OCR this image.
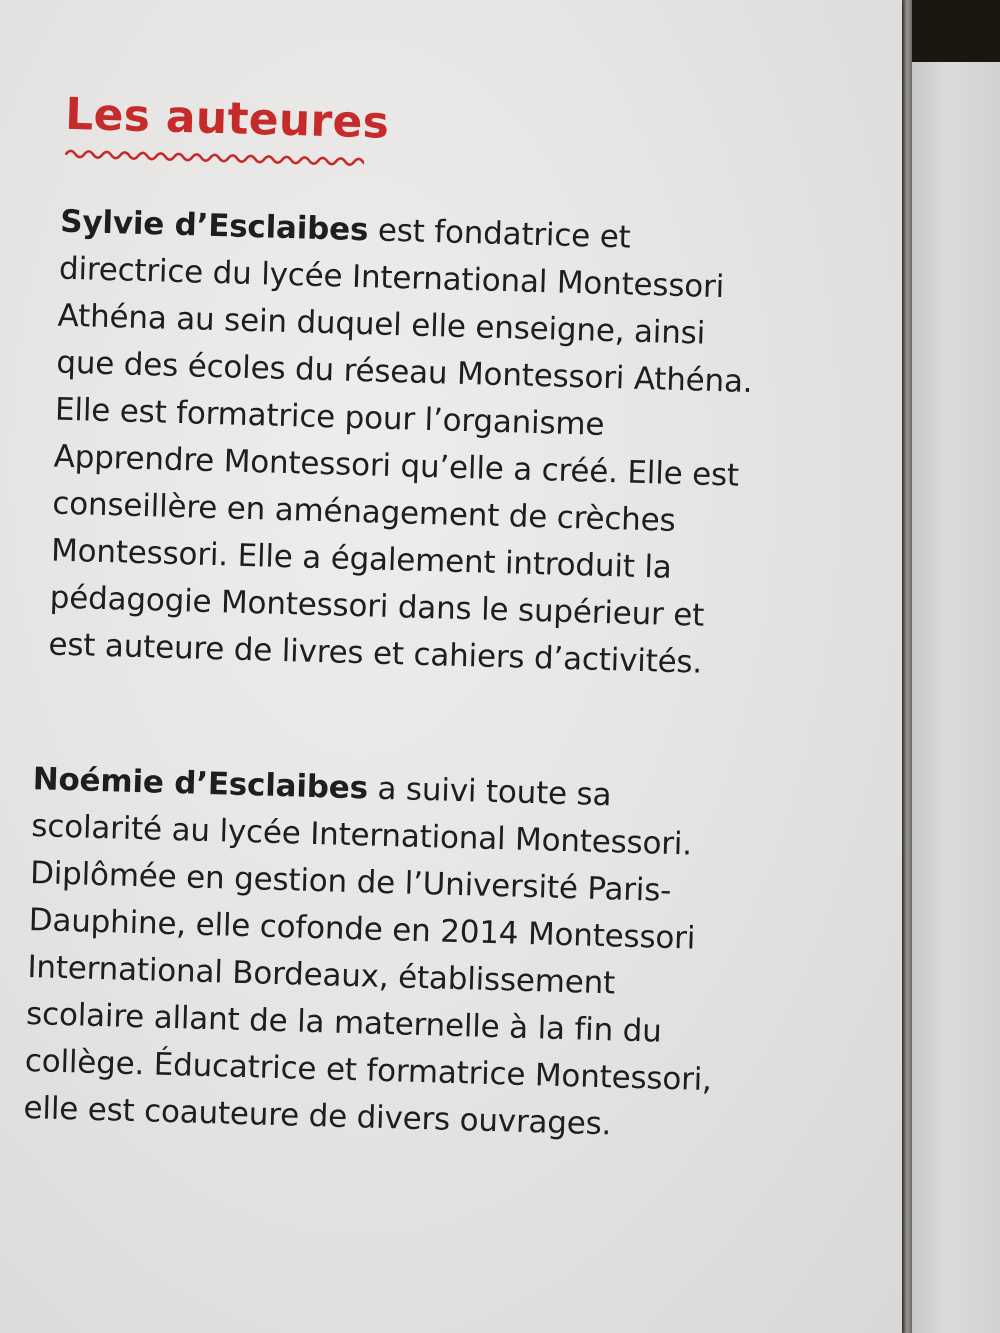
Les auteures

Sylvie d’Esclaibes est fondatrice et directrice du lycée International Montessori Athéna au sein duquel elle enseigne, ainsi que des écoles du réseau Montessori Athéna. Elle est formatrice pour l’organisme Apprendre Montessori qu’elle a créé. Elle est conseillère en aménagement de crèches Montessori. Elle a également introduit la pédagogie Montessori dans le supérieur et est auteure de livres et cahiers d’activités.

Noémie d’Esclaibes a suivi toute sa scolarité au lycée International Montessori. Diplômée en gestion de l’Université Paris-Dauphine, elle cofonde en 2014 Montessori International Bordeaux, établissement scolaire allant de la maternelle à la fin du collège. Éducatrice et formatrice Montessori, elle est coauteure de divers ouvrages.
